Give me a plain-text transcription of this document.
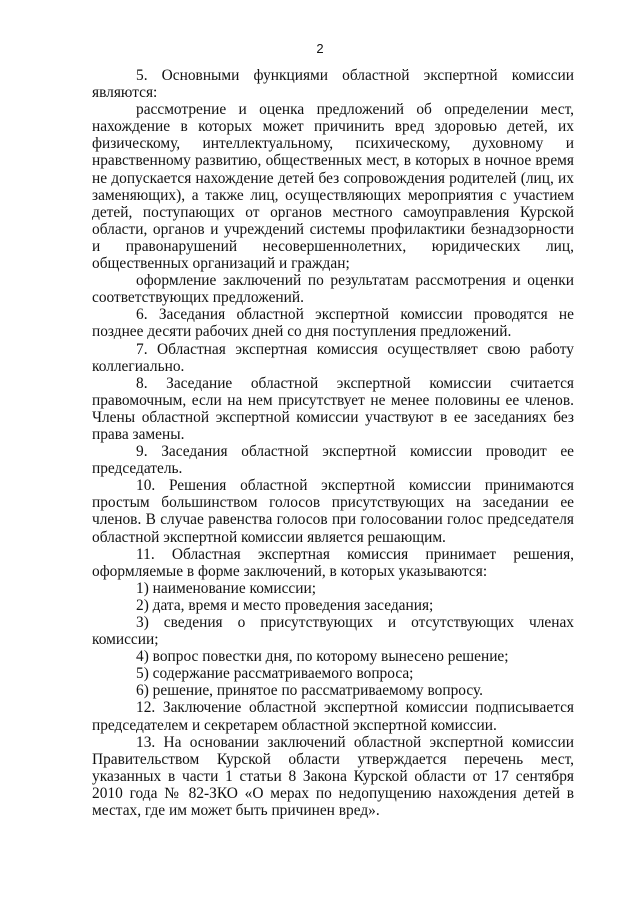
2

5. Основными функциями областной экспертной комиссии являются:

рассмотрение и оценка предложений об определении мест, нахождение в которых может причинить вред здоровью детей, их физическому, интеллектуальному, психическому, духовному и нравственному развитию, общественных мест, в которых в ночное время не допускается нахождение детей без сопровождения родителей (лиц, их заменяющих), а также лиц, осуществляющих мероприятия с участием детей, поступающих от органов местного самоуправления Курской области, органов и учреждений системы профилактики безнадзорности и правонарушений несовершеннолетних, юридических лиц, общественных организаций и граждан;

оформление заключений по результатам рассмотрения и оценки соответствующих предложений.

6. Заседания областной экспертной комиссии проводятся не позднее десяти рабочих дней со дня поступления предложений.

7. Областная экспертная комиссия осуществляет свою работу коллегиально.

8. Заседание областной экспертной комиссии считается правомочным, если на нем присутствует не менее половины ее членов. Члены областной экспертной комиссии участвуют в ее заседаниях без права замены.

9. Заседания областной экспертной комиссии проводит ее председатель.

10. Решения областной экспертной комиссии принимаются простым большинством голосов присутствующих на заседании ее членов. В случае равенства голосов при голосовании голос председателя областной экспертной комиссии является решающим.

11. Областная экспертная комиссия принимает решения, оформляемые в форме заключений, в которых указываются:

1) наименование комиссии;

2) дата, время и место проведения заседания;

3) сведения о присутствующих и отсутствующих членах комиссии;

4) вопрос повестки дня, по которому вынесено решение;

5) содержание рассматриваемого вопроса;

6) решение, принятое по рассматриваемому вопросу.

12. Заключение областной экспертной комиссии подписывается председателем и секретарем областной экспертной комиссии.

13. На основании заключений областной экспертной комиссии Правительством Курской области утверждается перечень мест, указанных в части 1 статьи 8 Закона Курской области от 17 сентября 2010 года № 82-ЗКО «О мерах по недопущению нахождения детей в местах, где им может быть причинен вред».
